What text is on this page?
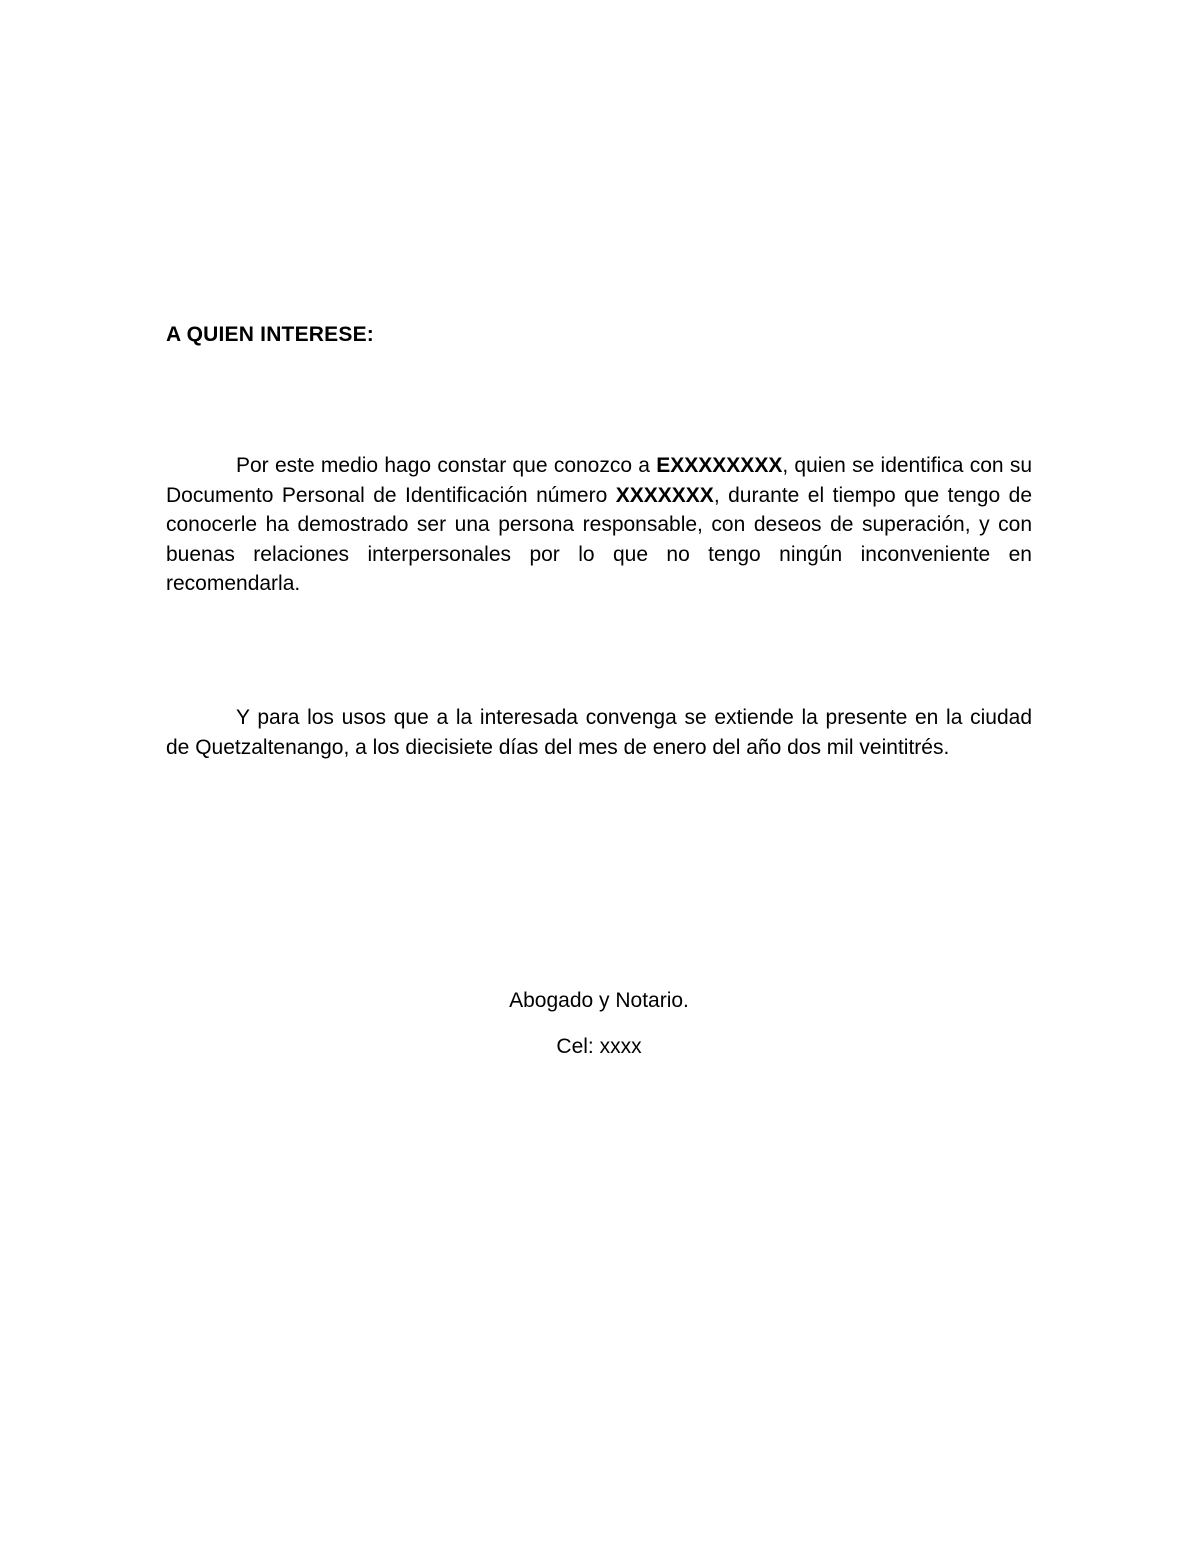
A QUIEN INTERESE:

Por este medio hago constar que conozco a EXXXXXXXX, quien se identifica con su Documento Personal de Identificación número XXXXXXX, durante el tiempo que tengo de conocerle ha demostrado ser una persona responsable, con deseos de superación, y con buenas relaciones interpersonales por lo que no tengo ningún inconveniente en recomendarla.

Y para los usos que a la interesada convenga se extiende la presente en la ciudad de Quetzaltenango, a los diecisiete días del mes de enero del año dos mil veintitrés.

Abogado y Notario.
Cel: xxxx
